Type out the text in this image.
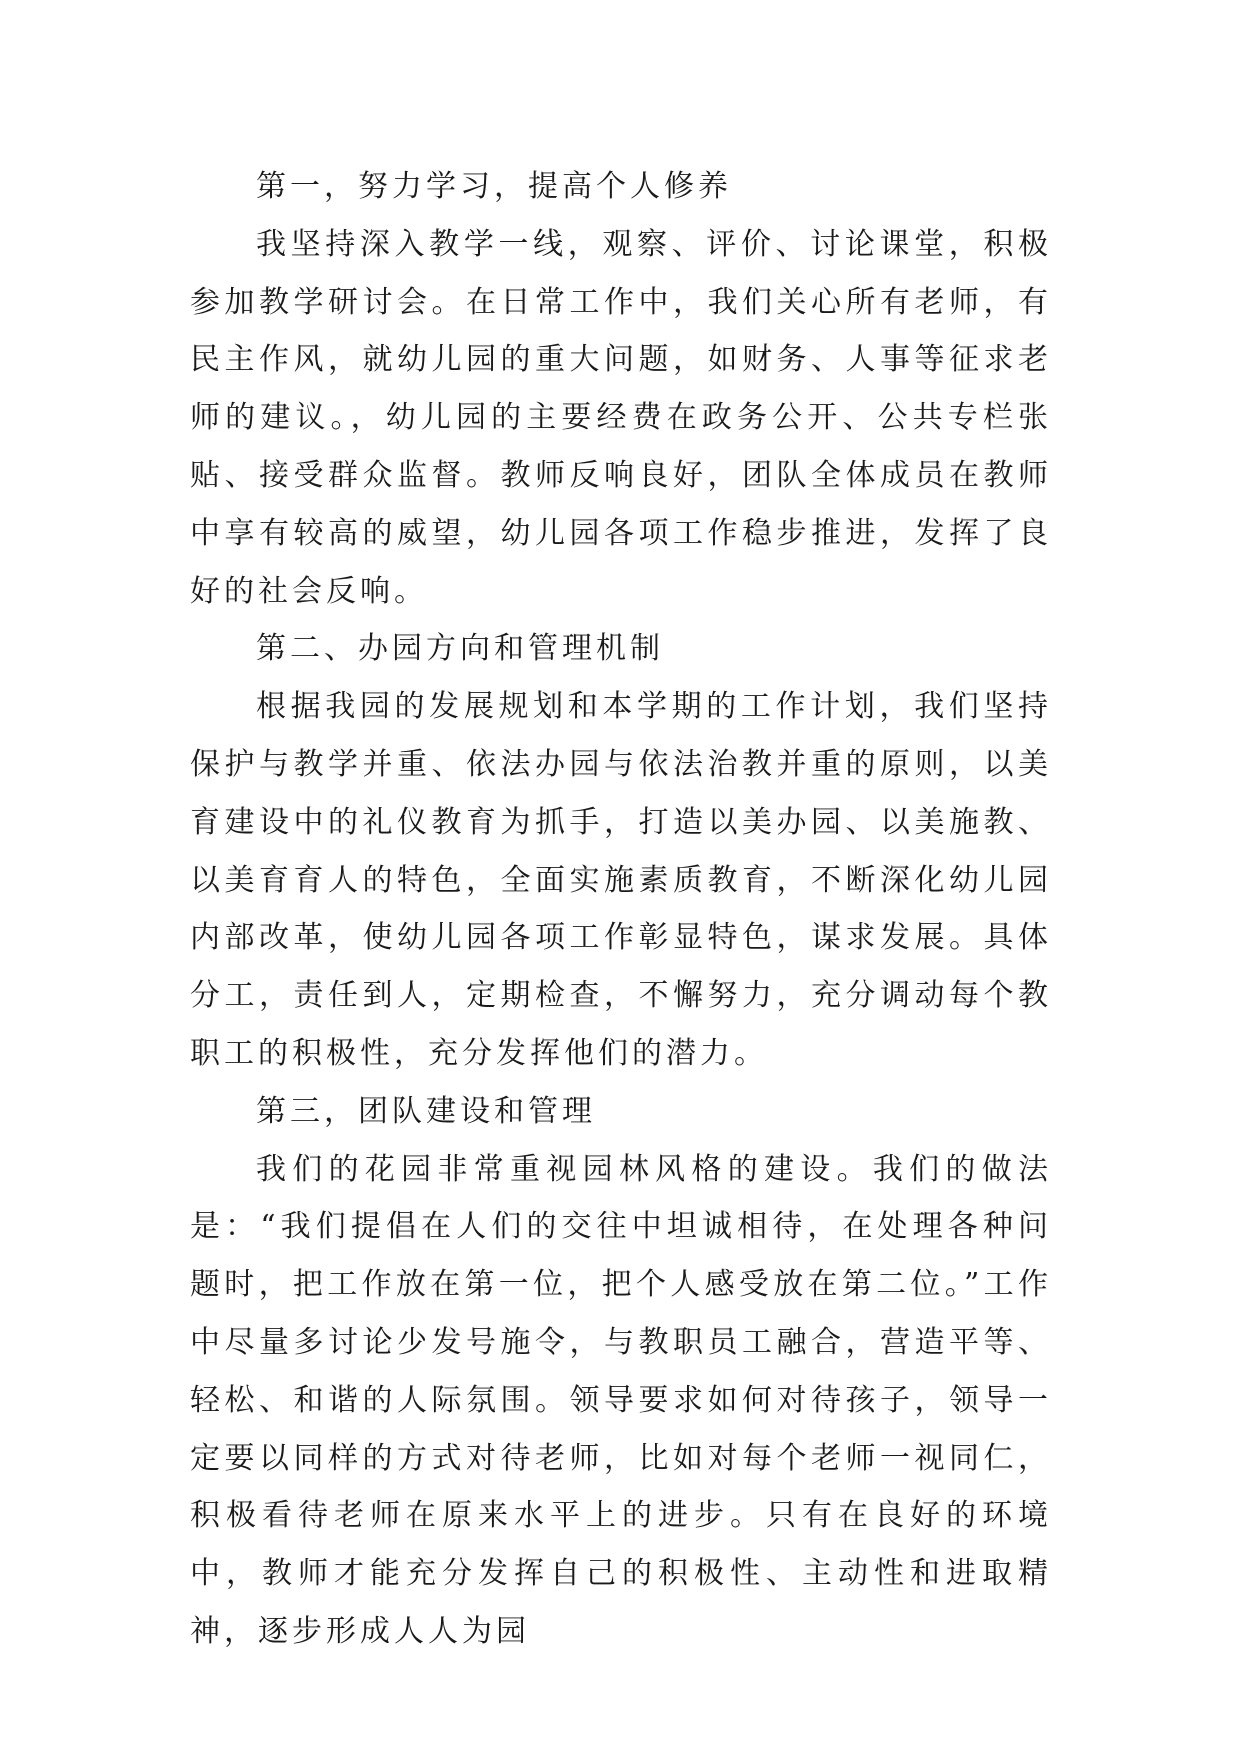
第一，努力学习，提高个人修养

我坚持深入教学一线，观察、评价、讨论课堂，积极参加教学研讨会。在日常工作中，我们关心所有老师，有民主作风，就幼儿园的重大问题，如财务、人事等征求老师的建议。，幼儿园的主要经费在政务公开、公共专栏张贴、接受群众监督。教师反响良好，团队全体成员在教师中享有较高的威望，幼儿园各项工作稳步推进，发挥了良好的社会反响。

第二、办园方向和管理机制

根据我园的发展规划和本学期的工作计划，我们坚持保护与教学并重、依法办园与依法治教并重的原则，以美育建设中的礼仪教育为抓手，打造以美办园、以美施教、以美育育人的特色，全面实施素质教育，不断深化幼儿园内部改革，使幼儿园各项工作彰显特色，谋求发展。具体分工，责任到人，定期检查，不懈努力，充分调动每个教职工的积极性，充分发挥他们的潜力。

第三，团队建设和管理

我们的花园非常重视园林风格的建设。我们的做法是：“我们提倡在人们的交往中坦诚相待，在处理各种问题时，把工作放在第一位，把个人感受放在第二位。”工作中尽量多讨论少发号施令，与教职员工融合，营造平等、轻松、和谐的人际氛围。领导要求如何对待孩子，领导一定要以同样的方式对待老师，比如对每个老师一视同仁，积极看待老师在原来水平上的进步。只有在良好的环境中，教师才能充分发挥自己的积极性、主动性和进取精神，逐步形成人人为园
